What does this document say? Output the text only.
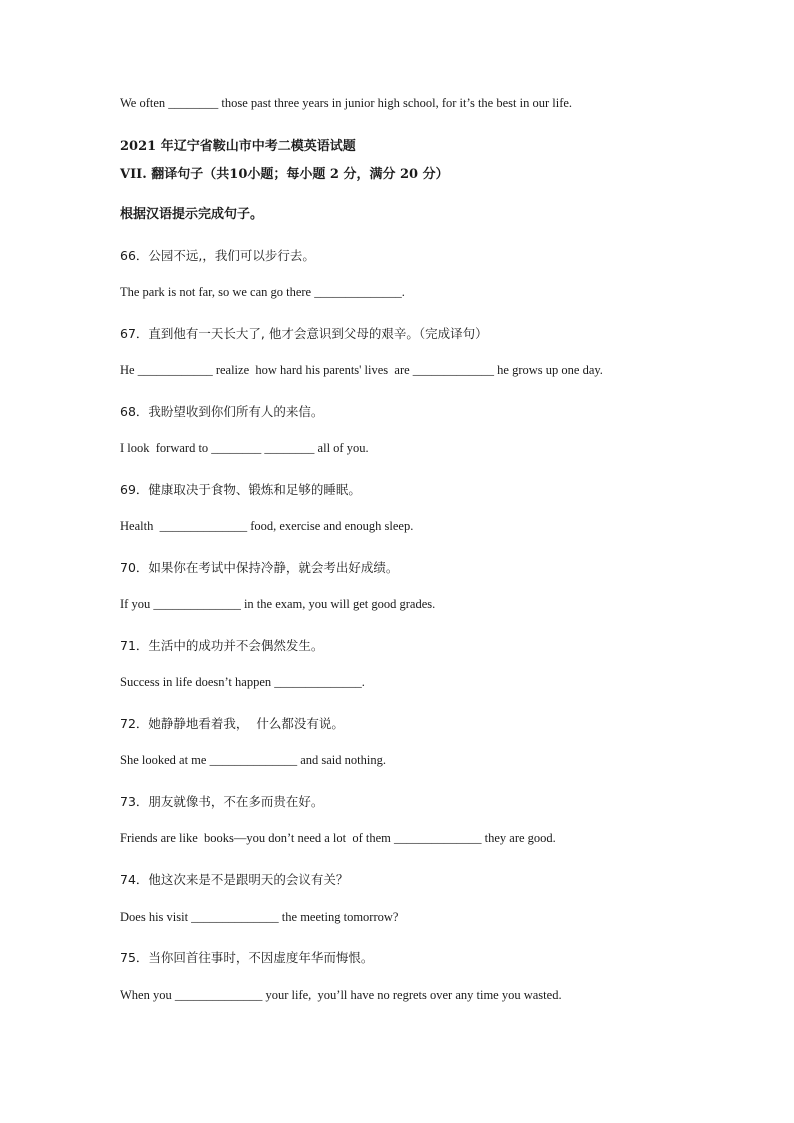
We often ________ those past three years in junior high school, for it’s the best in our life.
2021 年辽宁省鞍山市中考二模英语试题
VII. 翻译句子（共10小题；每小题 2 分，满分 20 分）
根据汉语提示完成句子。
66．公园不远,，我们可以步行去。
The park is not far, so we can go there ______________.
67．直到他有一天长大了, 他才会意识到父母的艰辛。（完成译句）
He ____________ realize  how hard his parents' lives  are _____________ he grows up one day.
68．我盼望收到你们所有人的来信。
I look  forward to ________ ________ all of you.
69．健康取决于食物、锻炼和足够的睡眠。
Health  ______________ food, exercise and enough sleep.
70．如果你在考试中保持冷静，就会考出好成绩。
If you ______________ in the exam, you will get good grades.
71．生活中的成功并不会偶然发生。
Success in life doesn’t happen ______________.
72．她静静地看着我，  什么都没有说。
She looked at me ______________ and said nothing.
73．朋友就像书，不在多而贵在好。
Friends are like  books—you don’t need a lot  of them ______________ they are good.
74．他这次来是不是跟明天的会议有关？
Does his visit ______________ the meeting tomorrow?
75．当你回首往事时，不因虚度年华而悔恨。
When you ______________ your life,  you’ll have no regrets over any time you wasted.
